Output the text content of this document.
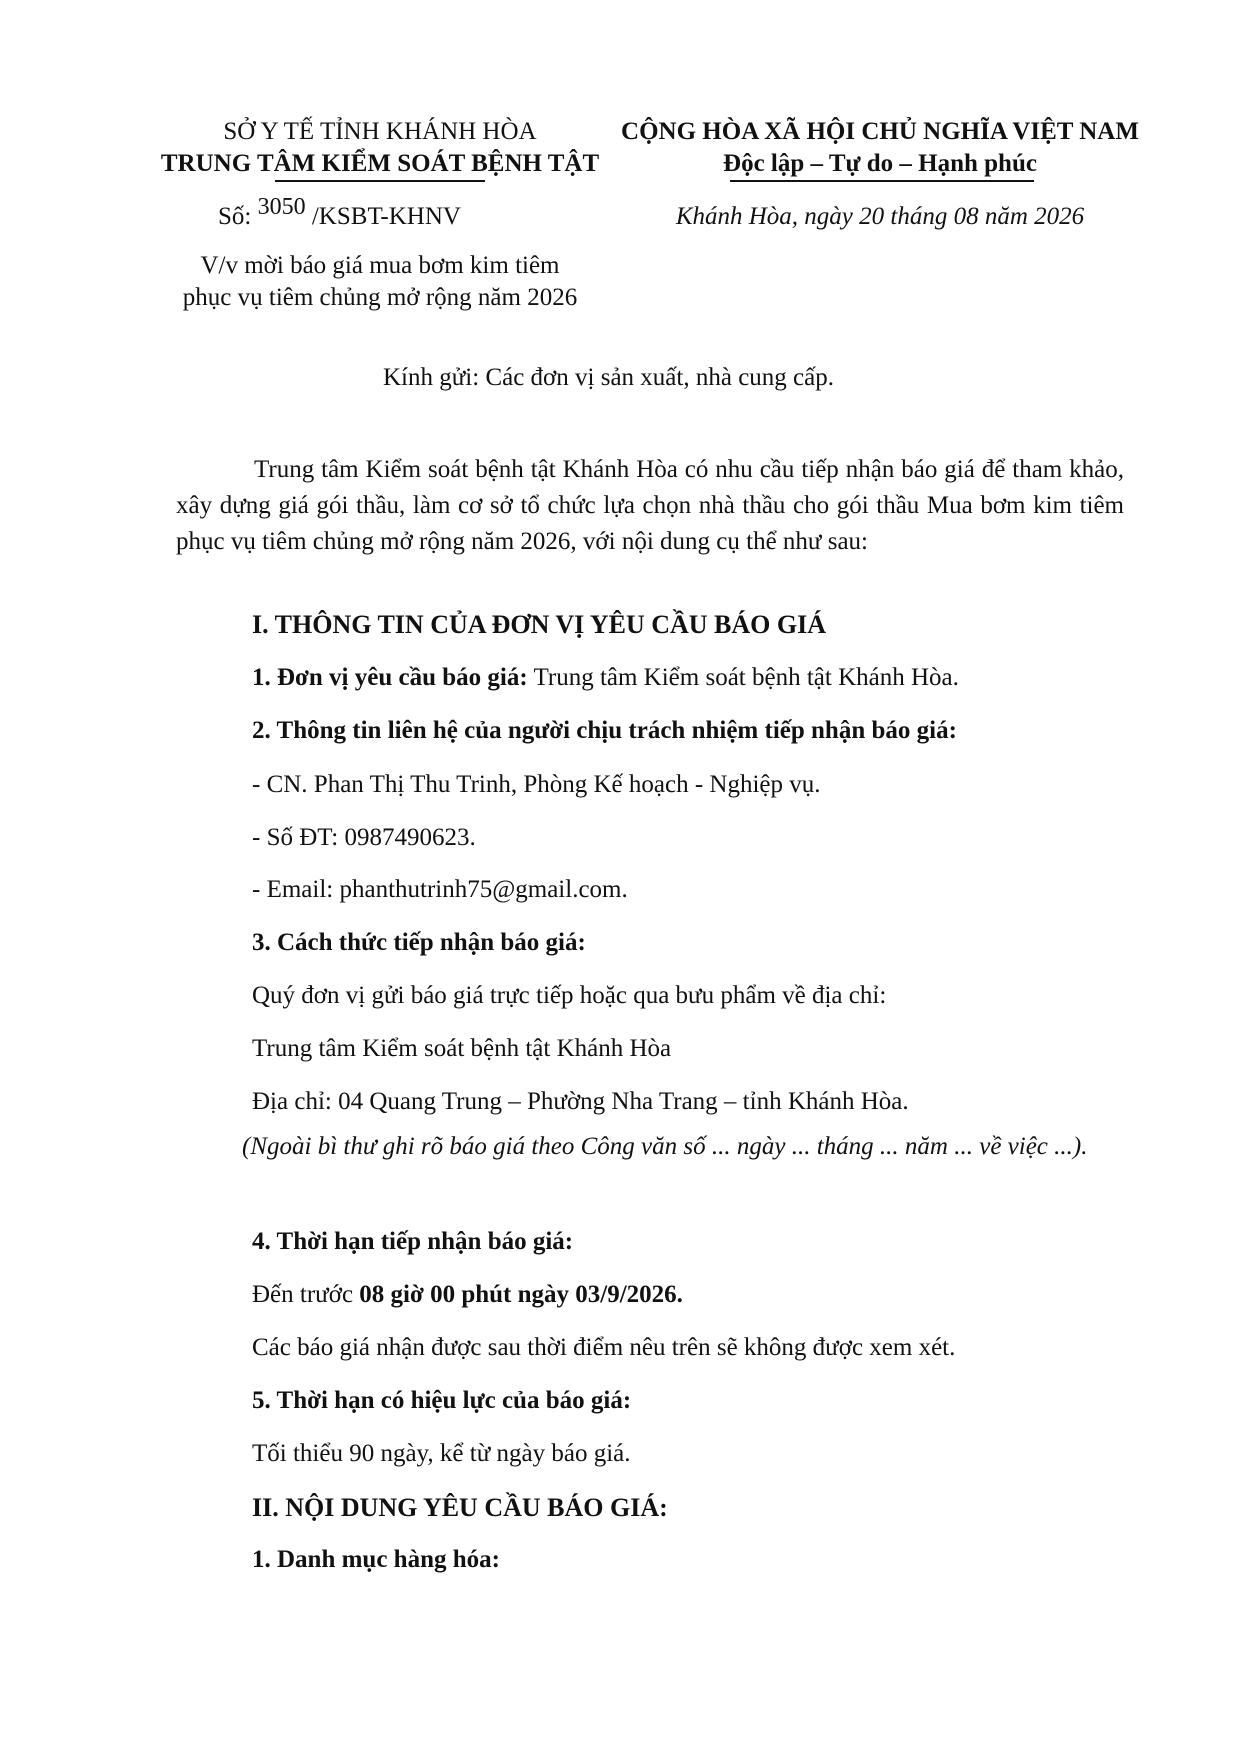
SỞ Y TẾ TỈNH KHÁNH HÒA
TRUNG TÂM KIỂM SOÁT BỆNH TẬT
Số: 3050 /KSBT-KHNV
V/v mời báo giá mua bơm kim tiêm
phục vụ tiêm chủng mở rộng năm 2026
CỘNG HÒA XÃ HỘI CHỦ NGHĨA VIỆT NAM
Độc lập – Tự do – Hạnh phúc
Khánh Hòa, ngày 20 tháng 08 năm 2026
Kính gửi: Các đơn vị sản xuất, nhà cung cấp.
Trung tâm Kiểm soát bệnh tật Khánh Hòa có nhu cầu tiếp nhận báo giá để tham khảo, xây dựng giá gói thầu, làm cơ sở tổ chức lựa chọn nhà thầu cho gói thầu Mua bơm kim tiêm phục vụ tiêm chủng mở rộng năm 2026, với nội dung cụ thể như sau:
I. THÔNG TIN CỦA ĐƠN VỊ YÊU CẦU BÁO GIÁ
1. Đơn vị yêu cầu báo giá: Trung tâm Kiểm soát bệnh tật Khánh Hòa.
2. Thông tin liên hệ của người chịu trách nhiệm tiếp nhận báo giá:
- CN. Phan Thị Thu Trinh, Phòng Kế hoạch - Nghiệp vụ.
- Số ĐT: 0987490623.
- Email: phanthutrinh75@gmail.com.
3. Cách thức tiếp nhận báo giá:
Quý đơn vị gửi báo giá trực tiếp hoặc qua bưu phẩm về địa chỉ:
Trung tâm Kiểm soát bệnh tật Khánh Hòa
Địa chỉ: 04 Quang Trung – Phường Nha Trang – tỉnh Khánh Hòa.
(Ngoài bì thư ghi rõ báo giá theo Công văn số ... ngày ... tháng ... năm ... về việc ...).
4. Thời hạn tiếp nhận báo giá:
Đến trước 08 giờ 00 phút ngày 03/9/2026.
Các báo giá nhận được sau thời điểm nêu trên sẽ không được xem xét.
5. Thời hạn có hiệu lực của báo giá:
Tối thiểu 90 ngày, kể từ ngày báo giá.
II. NỘI DUNG YÊU CẦU BÁO GIÁ:
1. Danh mục hàng hóa:
